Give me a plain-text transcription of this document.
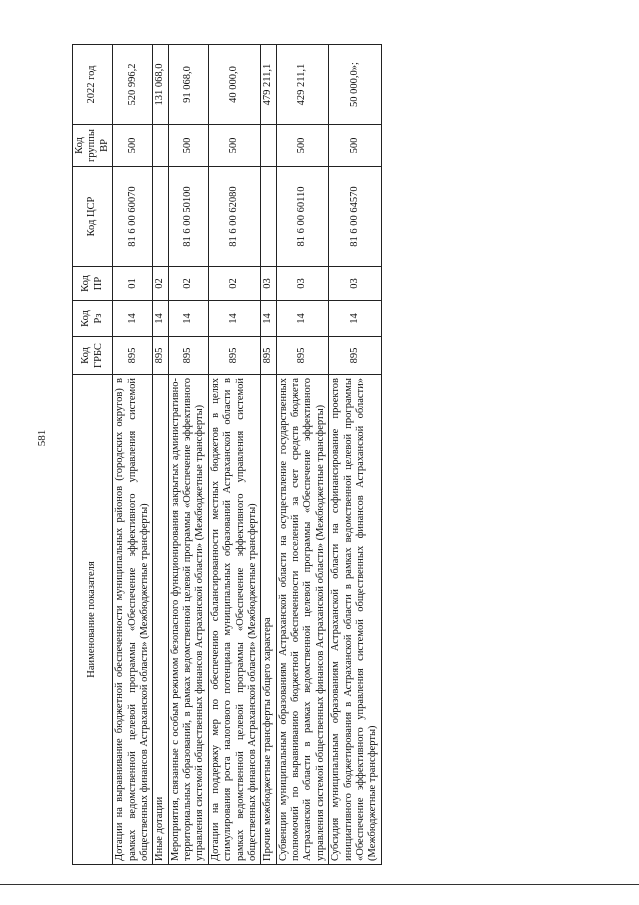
581
Наименование показателя	Код ГРБС	Код Рз	Код ПР	Код ЦСР	Код группы ВР	2022 год
Дотации на выравнивание бюджетной обеспеченности муниципальных районов (городских округов) в рамках ведомственной целевой программы «Обеспечение эффективного управления системой общественных финансов Астраханской области» (Межбюджетные трансферты)	895	14	01	81 6 00 60070	500	520 996,2
Иные дотации	895	14	02			131 068,0
Мероприятия, связанные с особым режимом безопасного функционирования закрытых административно-территориальных образований, в рамках ведомственной целевой программы «Обеспечение эффективного управления системой общественных финансов Астраханской области» (Межбюджетные трансферты)	895	14	02	81 6 00 50100	500	91 068,0
Дотации на поддержку мер по обеспечению сбалансированности местных бюджетов в целях стимулирования роста налогового потенциала муниципальных образований Астраханской области в рамках ведомственной целевой программы «Обеспечение эффективного управления системой общественных финансов Астраханской области» (Межбюджетные трансферты)	895	14	02	81 6 00 62080	500	40 000,0
Прочие межбюджетные трансферты общего характера	895	14	03			479 211,1
Субвенции муниципальным образованиям Астраханской области на осуществление государственных полномочий по выравниванию бюджетной обеспеченности поселений за счет средств бюджета Астраханской области в рамках ведомственной целевой программы «Обеспечение эффективного управления системой общественных финансов Астраханской области» (Межбюджетные трансферты)	895	14	03	81 6 00 60110	500	429 211,1
Субсидия муниципальным образованиям Астраханской области на софинансирование проектов инициативного бюджетирования в Астраханской области в рамках ведомственной целевой программы «Обеспечение эффективного управления системой общественных финансов Астраханской области» (Межбюджетные трансферты)	895	14	03	81 6 00 64570	500	50 000,0»;
